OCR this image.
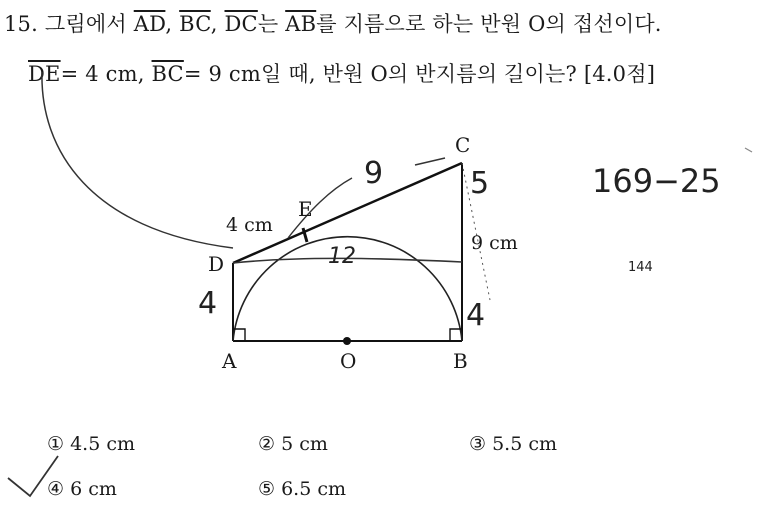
15. 그림에서 $\overline{AD}$, $\overline{BC}$, $\overline{DC}$는 $\overline{AB}$를 지름으로 하는 반원 O의 접선이다.
$\overline{DE}= 4$ cm, $\overline{BC}= 9$ cm일 때, 반원 O의 반지름의 길이는? [4.0점]
C
E
D
A	O	B
4 cm
9 cm
9	5
4	4
12
169−25
144
① 4.5 cm	② 5 cm	③ 5.5 cm
④ 6 cm	⑤ 6.5 cm
